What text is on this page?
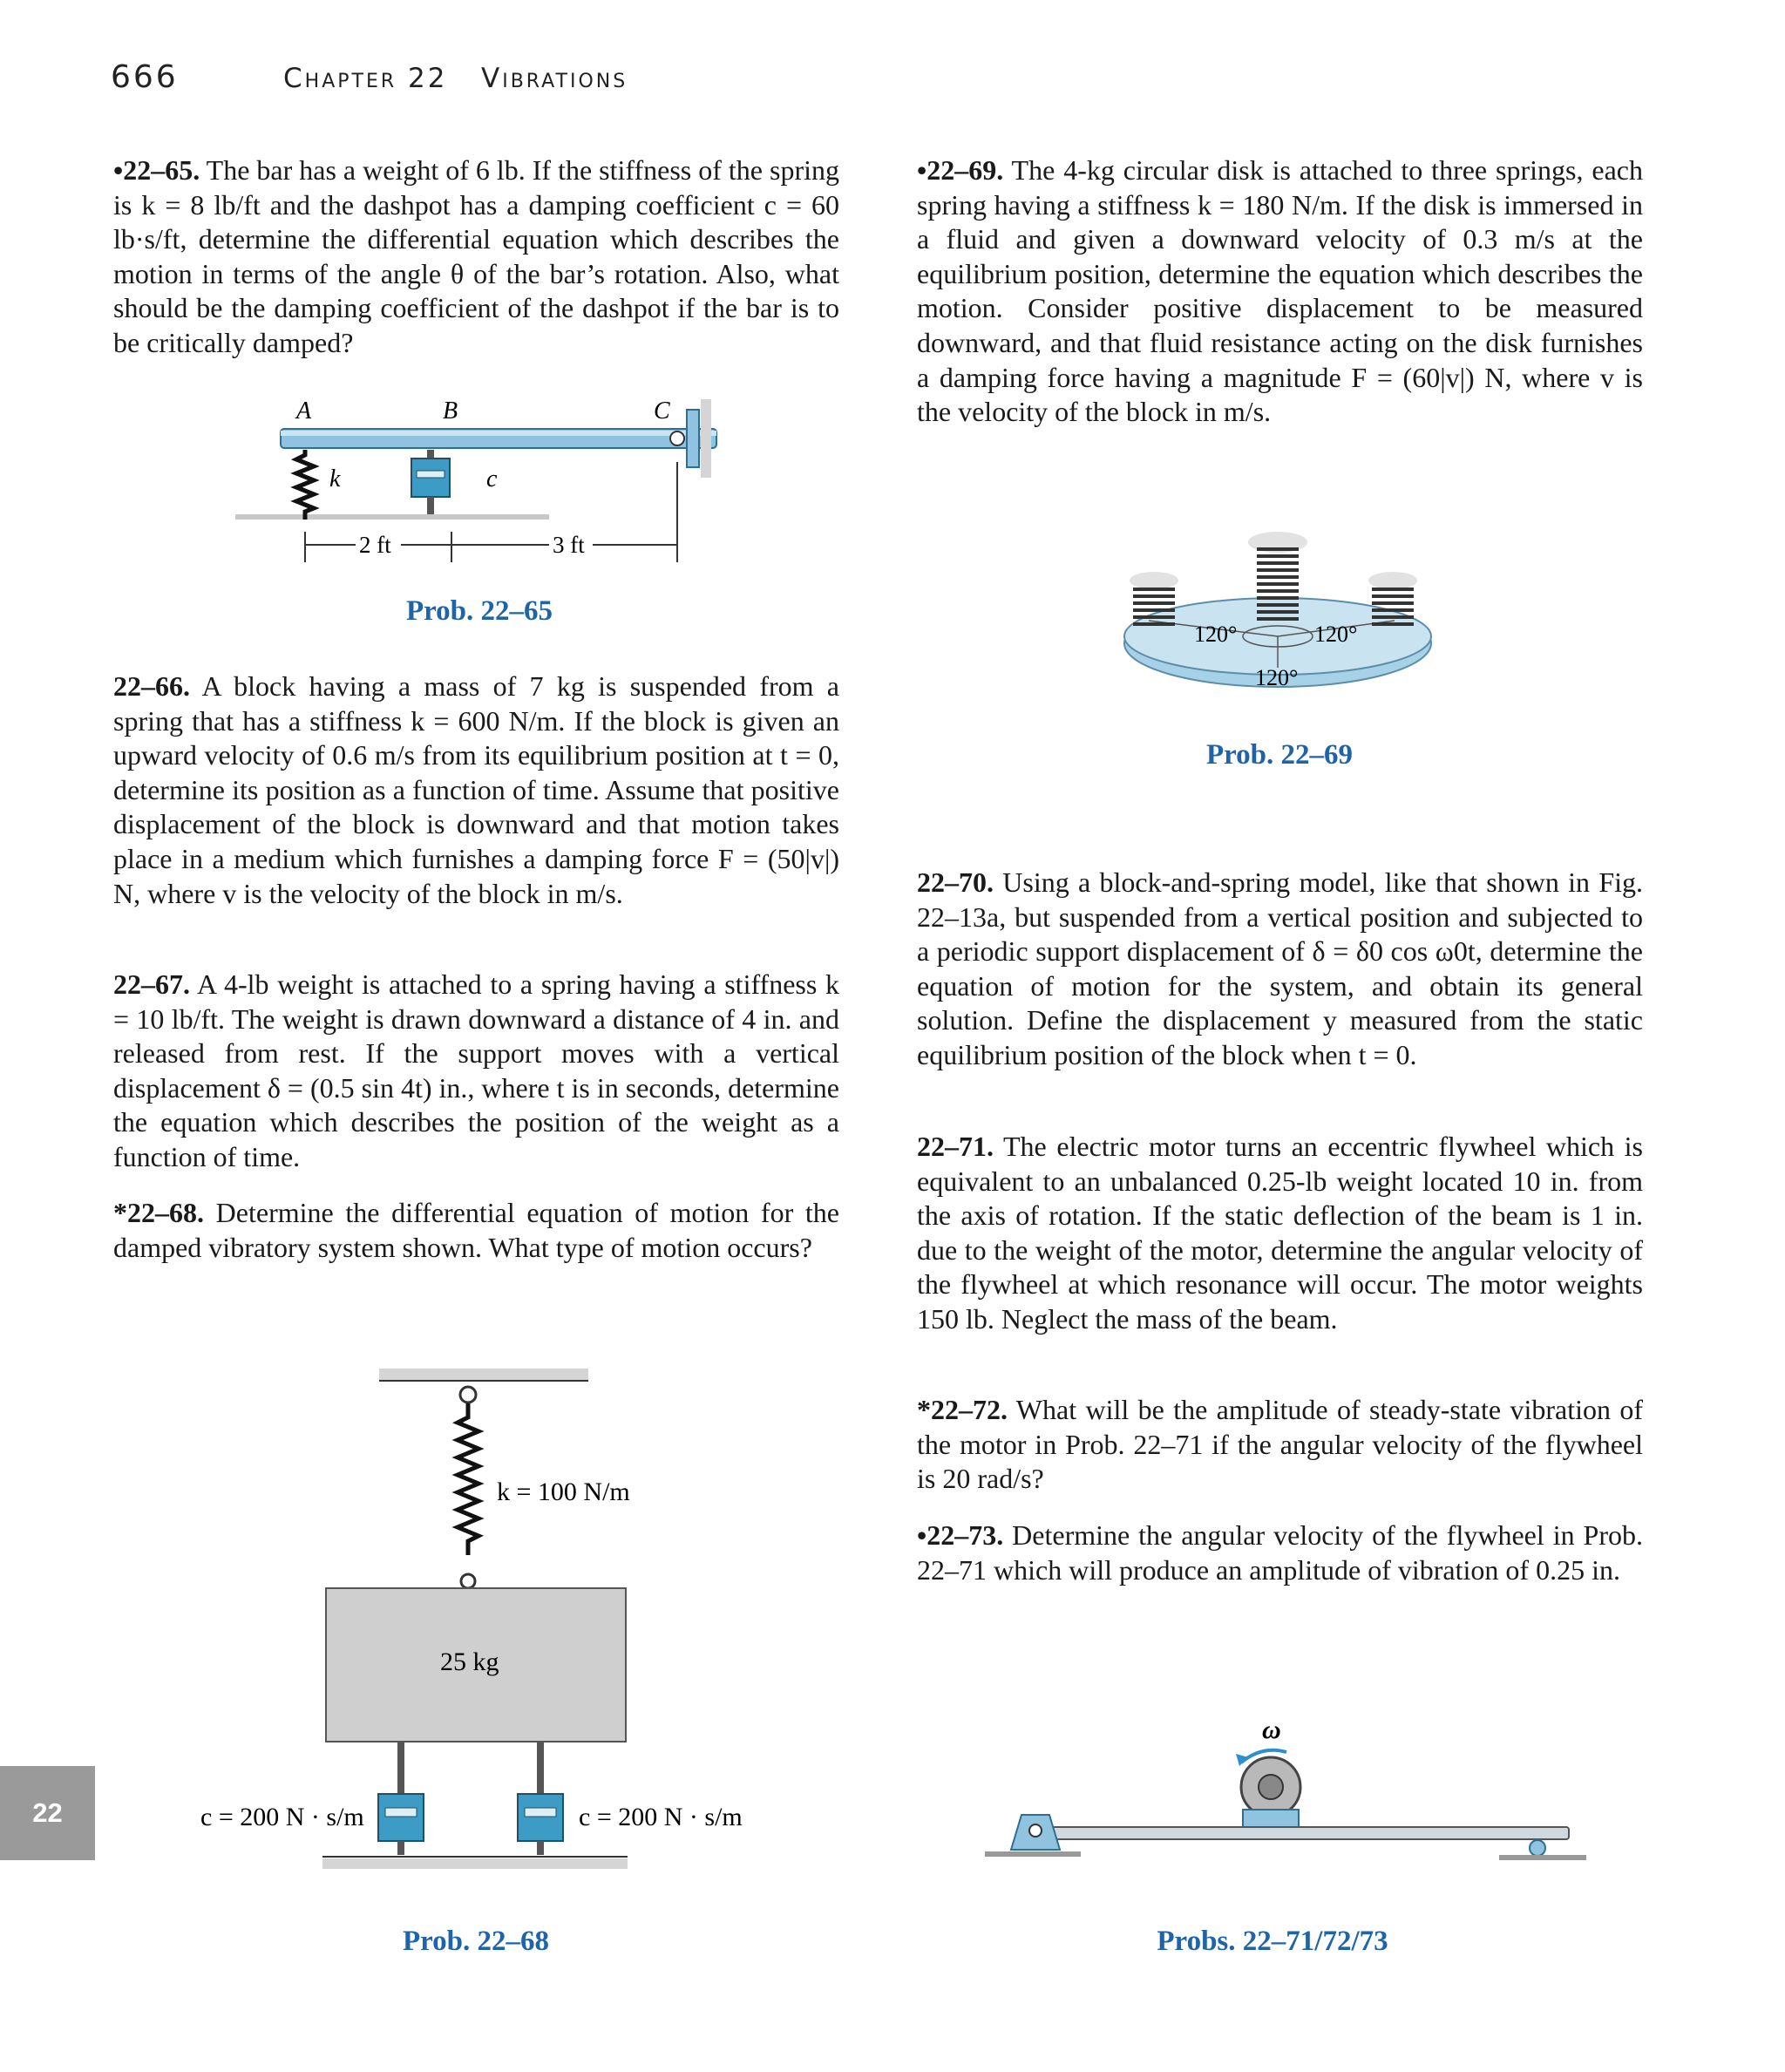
666	Chapter 22 Vibrations

•22–65. The bar has a weight of 6 lb. If the stiffness of the spring is k = 8 lb/ft and the dashpot has a damping coefficient c = 60 lb·s/ft, determine the differential equation which describes the motion in terms of the angle θ of the bar’s rotation. Also, what should be the damping coefficient of the dashpot if the bar is to be critically damped?

22–66. A block having a mass of 7 kg is suspended from a spring that has a stiffness k = 600 N/m. If the block is given an upward velocity of 0.6 m/s from its equilibrium position at t = 0, determine its position as a function of time. Assume that positive displacement of the block is downward and that motion takes place in a medium which furnishes a damping force F = (50|v|) N, where v is the velocity of the block in m/s.

22–67. A 4-lb weight is attached to a spring having a stiffness k = 10 lb/ft. The weight is drawn downward a distance of 4 in. and released from rest. If the support moves with a vertical displacement δ = (0.5 sin 4t) in., where t is in seconds, determine the equation which describes the position of the weight as a function of time.

*22–68. Determine the differential equation of motion for the damped vibratory system shown. What type of motion occurs?

•22–69. The 4-kg circular disk is attached to three springs, each spring having a stiffness k = 180 N/m. If the disk is immersed in a fluid and given a downward velocity of 0.3 m/s at the equilibrium position, determine the equation which describes the motion. Consider positive displacement to be measured downward, and that fluid resistance acting on the disk furnishes a damping force having a magnitude F = (60|v|) N, where v is the velocity of the block in m/s.

22–70. Using a block-and-spring model, like that shown in Fig. 22–13a, but suspended from a vertical position and subjected to a periodic support displacement of δ = δ0 cos ω0t, determine the equation of motion for the system, and obtain its general solution. Define the displacement y measured from the static equilibrium position of the block when t = 0.

22–71. The electric motor turns an eccentric flywheel which is equivalent to an unbalanced 0.25-lb weight located 10 in. from the axis of rotation. If the static deflection of the beam is 1 in. due to the weight of the motor, determine the angular velocity of the flywheel at which resonance will occur. The motor weights 150 lb. Neglect the mass of the beam.

*22–72. What will be the amplitude of steady-state vibration of the motor in Prob. 22–71 if the angular velocity of the flywheel is 20 rad/s?

•22–73. Determine the angular velocity of the flywheel in Prob. 22–71 which will produce an amplitude of vibration of 0.25 in.

A	B	C
k	c
2 ft	3 ft
Prob. 22–65
120°	120°
120°
Prob. 22–69
k = 100 N/m
25 kg
c = 200 N · s/m	c = 200 N · s/m
Prob. 22–68
ω
Probs. 22–71/72/73
22
